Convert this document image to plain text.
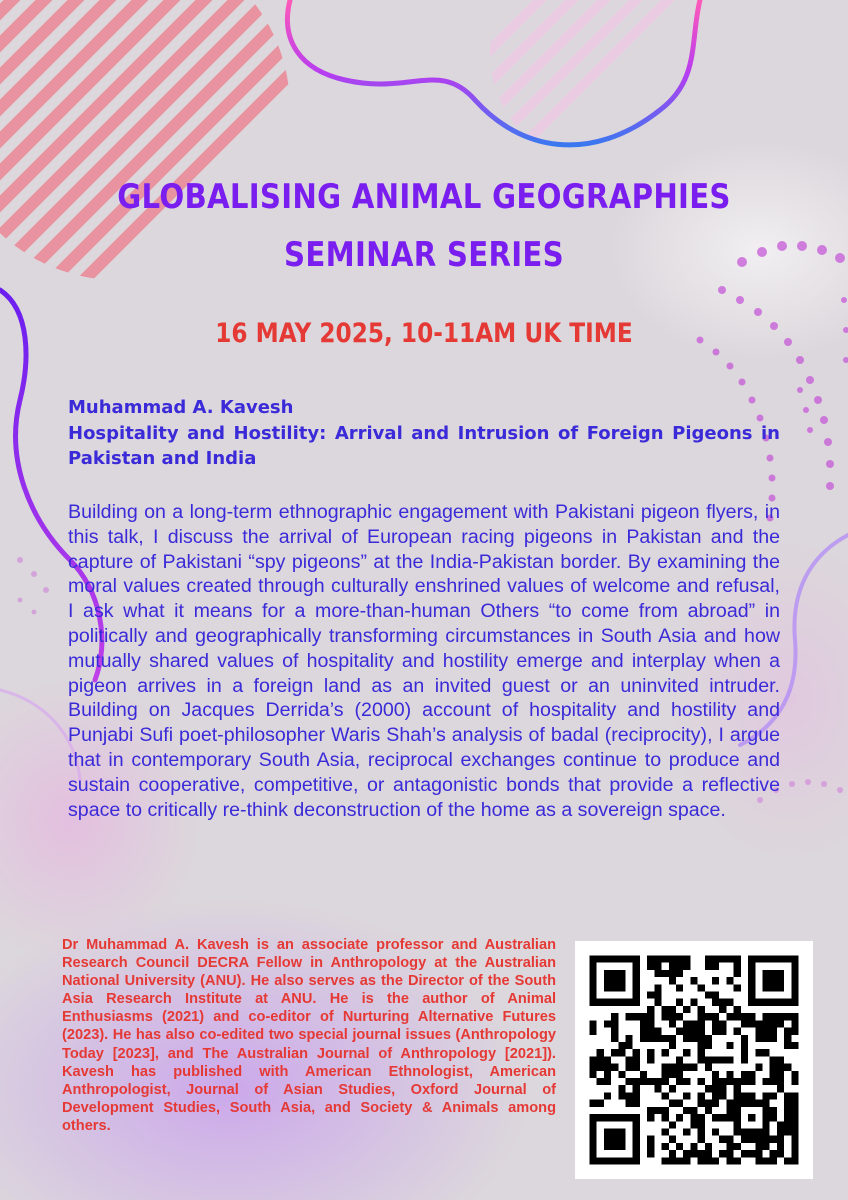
GLOBALISING ANIMAL GEOGRAPHIES
SEMINAR SERIES
16 MAY 2025, 10-11AM UK TIME
Muhammad A. Kavesh
Hospitality and Hostility: Arrival and Intrusion of Foreign Pigeons in Pakistan and India
Building on a long-term ethnographic engagement with Pakistani pigeon flyers, in this talk, I discuss the arrival of European racing pigeons in Pakistan and the capture of Pakistani “spy pigeons” at the India-Pakistan border. By examining the moral values created through culturally enshrined values of welcome and refusal, I ask what it means for a more-than-human Others “to come from abroad” in politically and geographically transforming circumstances in South Asia and how mutually shared values of hospitality and hostility emerge and interplay when a pigeon arrives in a foreign land as an invited guest or an uninvited intruder. Building on Jacques Derrida’s (2000) account of hospitality and hostility and Punjabi Sufi poet-philosopher Waris Shah’s analysis of badal (reciprocity), I argue that in contemporary South Asia, reciprocal exchanges continue to produce and sustain cooperative, competitive, or antagonistic bonds that provide a reflective space to critically re-think deconstruction of the home as a sovereign space.
Dr Muhammad A. Kavesh is an associate professor and Australian Research Council DECRA Fellow in Anthropology at the Australian National University (ANU). He also serves as the Director of the South Asia Research Institute at ANU. He is the author of Animal Enthusiasms (2021) and co-editor of Nurturing Alternative Futures (2023). He has also co-edited two special journal issues (Anthropology Today [2023], and The Australian Journal of Anthropology [2021]). Kavesh has published with American Ethnologist, American Anthropologist, Journal of Asian Studies, Oxford Journal of Development Studies, South Asia, and Society & Animals among others.
